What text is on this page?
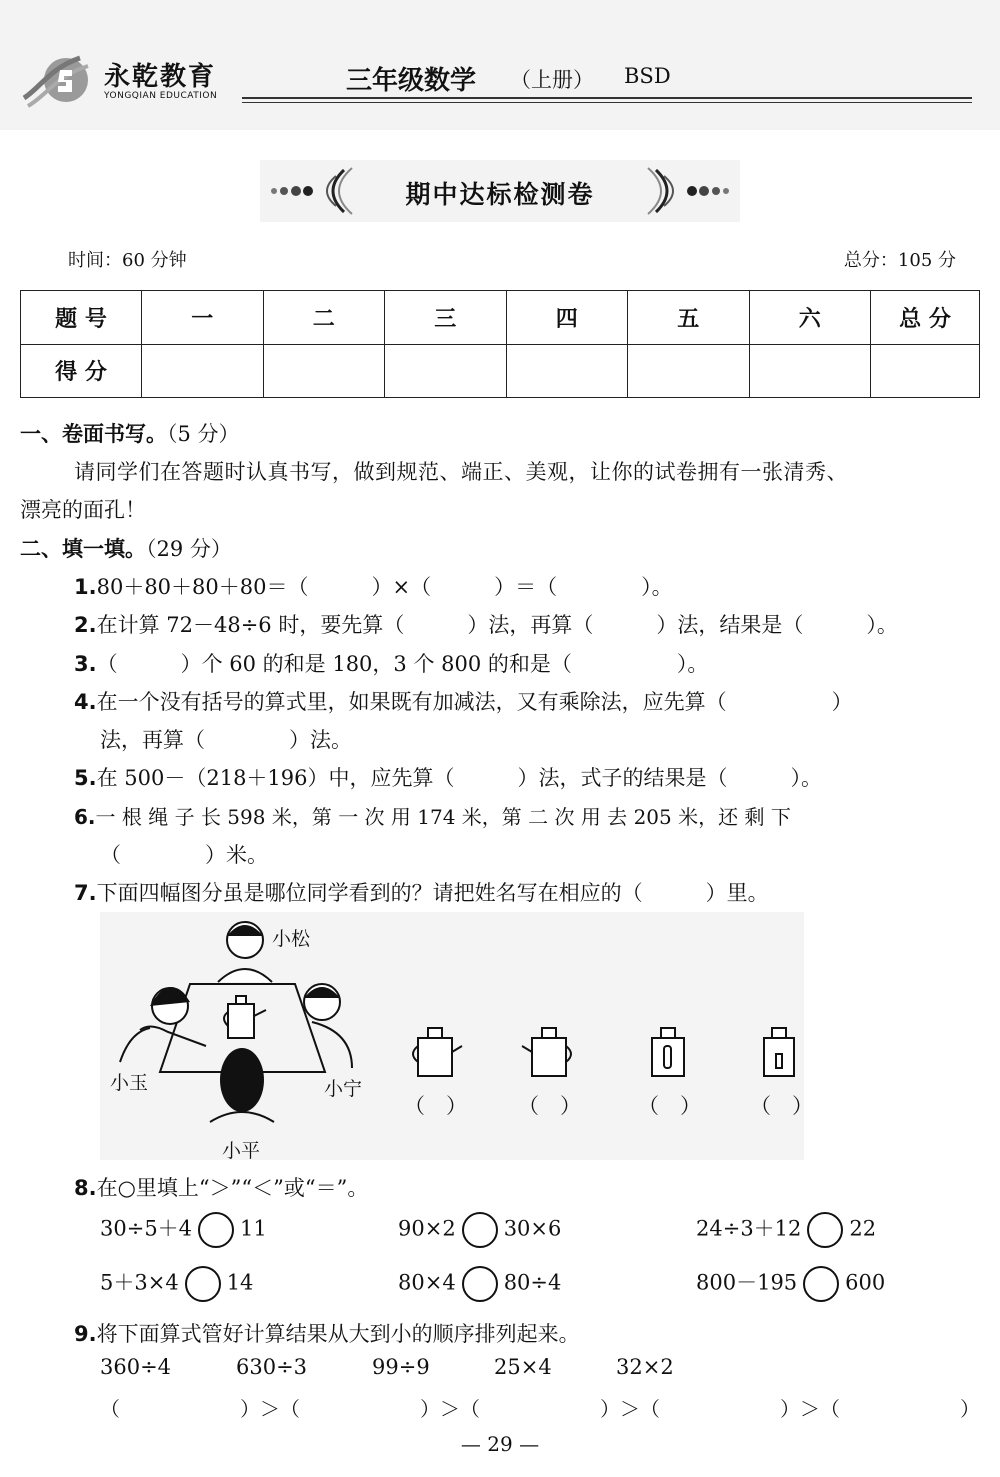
永乾教育
YONGQIAN EDUCATION	三年级数学 （上册） BSD
期中达标检测卷
时间：60 分钟	总分：105 分
题 号	一	二	三	四	五	六	总 分
得 分							
一、卷面书写。（5 分）
请同学们在答题时认真书写，做到规范、端正、美观，让你的试卷拥有一张清秀、
漂亮的面孔！
二、填一填。（29 分）
1.80＋80＋80＋80＝（　　　）×（　　　）＝（　　　　）。
2.在计算 72－48÷6 时，要先算（　　　）法，再算（　　　）法，结果是（　　　）。
3.（　　　）个 60 的和是 180，3 个 800 的和是（　　　　　）。
4.在一个没有括号的算式里，如果既有加减法，又有乘除法，应先算（　　　　　）
法，再算（　　　　）法。
5.在 500－（218＋196）中，应先算（　　　）法，式子的结果是（　　　）。
6.一 根 绳 子 长 598 米，第 一 次 用 174 米，第 二 次 用 去 205 米，还 剩 下
（　　　　）米。
7.下面四幅图分虽是哪位同学看到的？请把姓名写在相应的（　　　）里。
小松
小玉	小宁
小平
（　） （　）	（　） （　）
8.在○里填上“＞”“＜”或“＝”。
30÷5＋4 11	90×2 30×6	24÷3＋12 22
5＋3×4 14	80×4 80÷4	800－195 600
9.将下面算式管好计算结果从大到小的顺序排列起来。
360÷4	630÷3	99÷9	25×4	32×2
（　　　　　　）＞（　　　　　　）＞（　　　　　　）＞（　　　　　　）＞（　　　　　　）
— 29 —
